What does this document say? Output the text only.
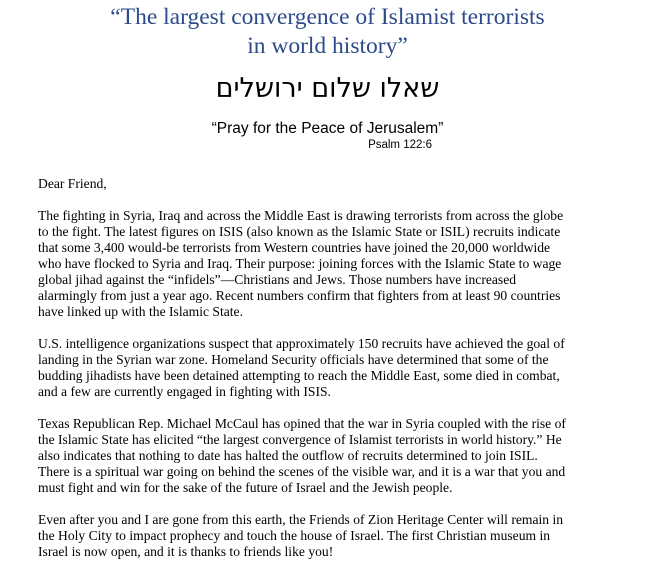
“The largest convergence of Islamist terrorists
in world history”
שאלו שלום ירושלים
“Pray for the Peace of Jerusalem”
Psalm 122:6
Dear Friend,
The fighting in Syria, Iraq and across the Middle East is drawing terrorists from across the globe
to the fight. The latest figures on ISIS (also known as the Islamic State or ISIL) recruits indicate
that some 3,400 would-be terrorists from Western countries have joined the 20,000 worldwide
who have flocked to Syria and Iraq. Their purpose: joining forces with the Islamic State to wage
global jihad against the “infidels”—Christians and Jews. Those numbers have increased
alarmingly from just a year ago. Recent numbers confirm that fighters from at least 90 countries
have linked up with the Islamic State.
U.S. intelligence organizations suspect that approximately 150 recruits have achieved the goal of
landing in the Syrian war zone. Homeland Security officials have determined that some of the
budding jihadists have been detained attempting to reach the Middle East, some died in combat,
and a few are currently engaged in fighting with ISIS.
Texas Republican Rep. Michael McCaul has opined that the war in Syria coupled with the rise of
the Islamic State has elicited “the largest convergence of Islamist terrorists in world history.” He
also indicates that nothing to date has halted the outflow of recruits determined to join ISIL.
There is a spiritual war going on behind the scenes of the visible war, and it is a war that you and
must fight and win for the sake of the future of Israel and the Jewish people.
Even after you and I are gone from this earth, the Friends of Zion Heritage Center will remain in
the Holy City to impact prophecy and touch the house of Israel. The first Christian museum in
Israel is now open, and it is thanks to friends like you!
